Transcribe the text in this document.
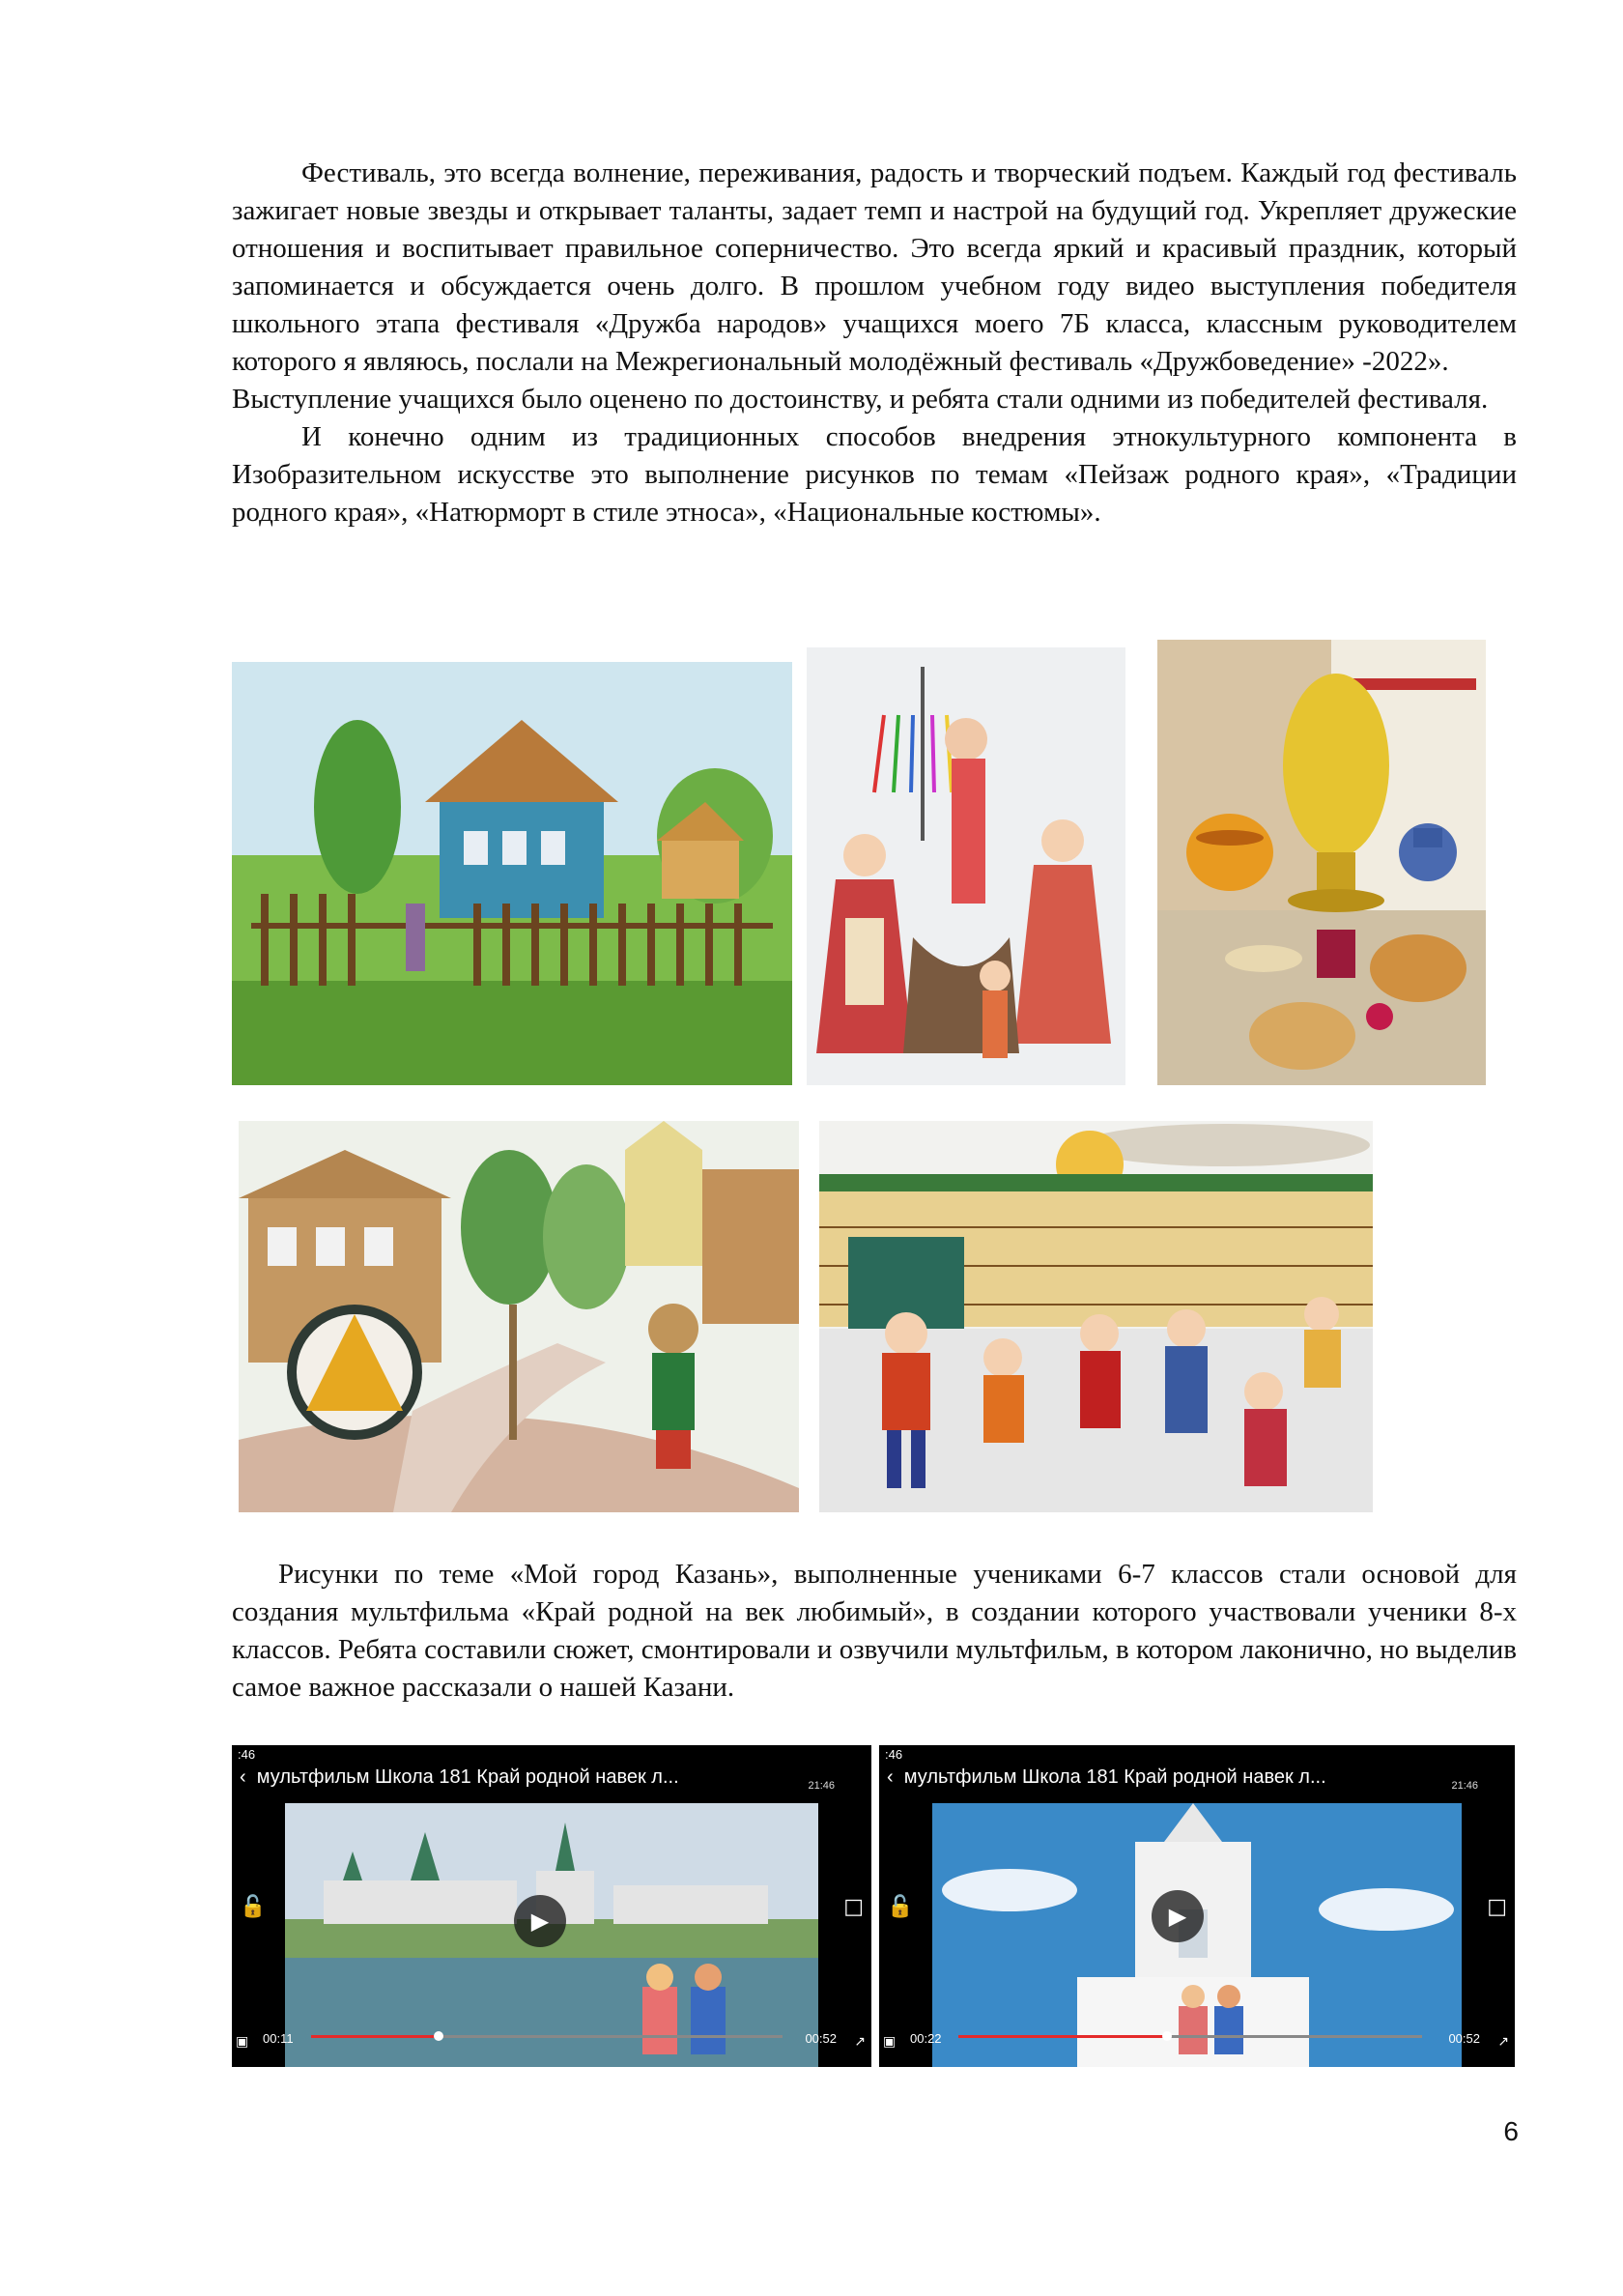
Фестиваль, это всегда волнение, переживания, радость и творческий подъем. Каждый год фестиваль зажигает новые звезды и открывает таланты, задает темп и настрой на будущий год. Укрепляет дружеские отношения и воспитывает правильное соперничество. Это всегда яркий и красивый праздник, который запоминается и обсуждается очень долго. В прошлом учебном году видео выступления победителя школьного этапа фестиваля «Дружба народов» учащихся моего 7Б класса, классным руководителем которого я являюсь, послали на Межрегиональный молодёжный фестиваль «Дружбоведение» -2022».

Выступление учащихся было оценено по достоинству, и ребята стали одними из победителей фестиваля.

И конечно одним из традиционных способов внедрения этнокультурного компонента в Изобразительном искусстве это выполнение рисунков по темам «Пейзаж родного края», «Традиции родного края», «Натюрморт в стиле этноса», «Национальные костюмы».

Рисунки по теме «Мой город Казань», выполненные учениками 6-7 классов стали основой для создания мультфильма «Край родной на век любимый», в создании которого участвовали ученики 8-х классов. Ребята составили сюжет, смонтировали и озвучили мультфильм, в котором лаконично, но выделив самое важное рассказали о нашей Казани.

:46
‹  мультфильм Школа 181 Край родной навек л...	21:46
▶
🔓	□
▣ 00:11	00:52 ↗
:46
‹  мультфильм Школа 181 Край родной навек л...	21:46
▶
🔓	□
▣ 00:22	00:52 ↗
6
